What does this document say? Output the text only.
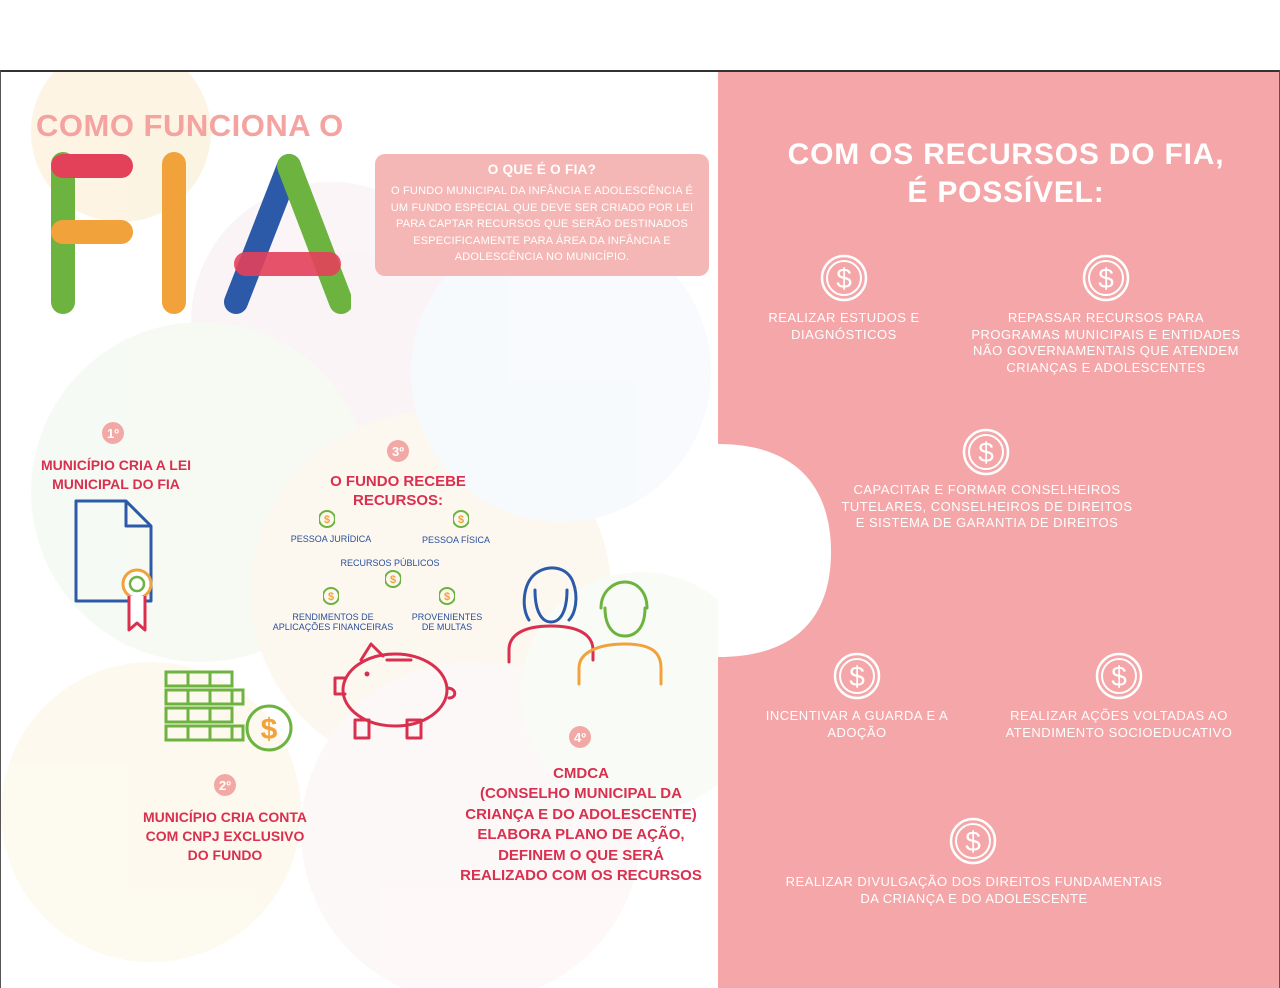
COMO FUNCIONA O
O QUE É O FIA?
O FUNDO MUNICIPAL DA INFÂNCIA E ADOLESCÊNCIA É UM FUNDO ESPECIAL QUE DEVE SER CRIADO POR LEI PARA CAPTAR RECURSOS QUE SERÃO DESTINADOS ESPECIFICAMENTE PARA ÁREA DA INFÂNCIA E ADOLESCÊNCIA NO MUNICÍPIO.
1º
MUNICÍPIO CRIA A LEI MUNICIPAL DO FIA
$
2º
MUNICÍPIO CRIA CONTA COM CNPJ EXCLUSIVO DO FUNDO
3º
O FUNDO RECEBE RECURSOS:
$
PESSOA JURÍDICA
$
PESSOA FÍSICA
RECURSOS PÚBLICOS
$
$
RENDIMENTOS DE APLICAÇÕES FINANCEIRAS
$
PROVENIENTES DE MULTAS
4º
CMDCA
(CONSELHO MUNICIPAL DA CRIANÇA E DO ADOLESCENTE) ELABORA PLANO DE AÇÃO, DEFINEM O QUE SERÁ REALIZADO COM OS RECURSOS
COM OS RECURSOS DO FIA,
É POSSÍVEL:
$
REALIZAR ESTUDOS E DIAGNÓSTICOS
$
REPASSAR RECURSOS PARA PROGRAMAS MUNICIPAIS E ENTIDADES NÃO GOVERNAMENTAIS QUE ATENDEM CRIANÇAS E ADOLESCENTES
$
CAPACITAR E FORMAR CONSELHEIROS TUTELARES, CONSELHEIROS DE DIREITOS E SISTEMA DE GARANTIA DE DIREITOS
$
INCENTIVAR A GUARDA E A ADOÇÃO
$
REALIZAR AÇÕES VOLTADAS AO ATENDIMENTO SOCIOEDUCATIVO
$
REALIZAR DIVULGAÇÃO DOS DIREITOS FUNDAMENTAIS DA CRIANÇA E DO ADOLESCENTE
